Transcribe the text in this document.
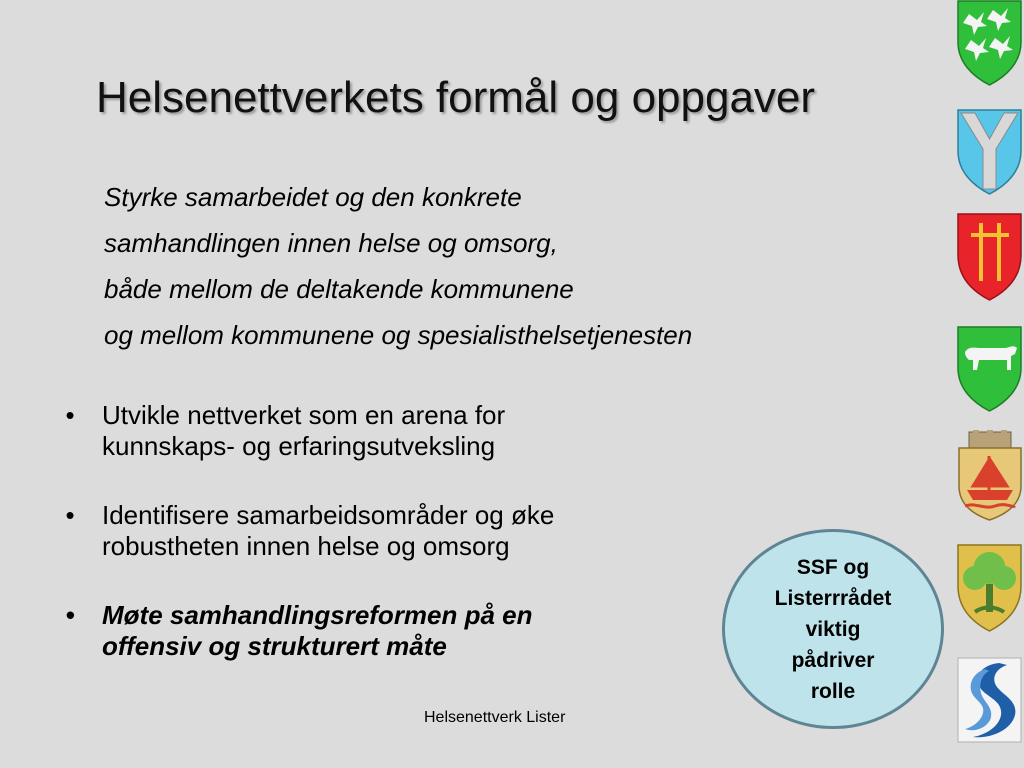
Helsenettverkets formål og oppgaver
Styrke samarbeidet og den konkrete
samhandlingen innen helse og omsorg,
både mellom de deltakende kommunene
og mellom kommunene og spesialisthelsetjenesten
• Utvikle nettverket som en arena for
kunnskaps- og erfaringsutveksling
• Identifisere samarbeidsområder og øke
robustheten innen helse og omsorg
• Møte samhandlingsreformen på en
offensiv og strukturert måte
SSF og
Listerrrådet
viktig
pådriver
rolle
Helsenettverk Lister
